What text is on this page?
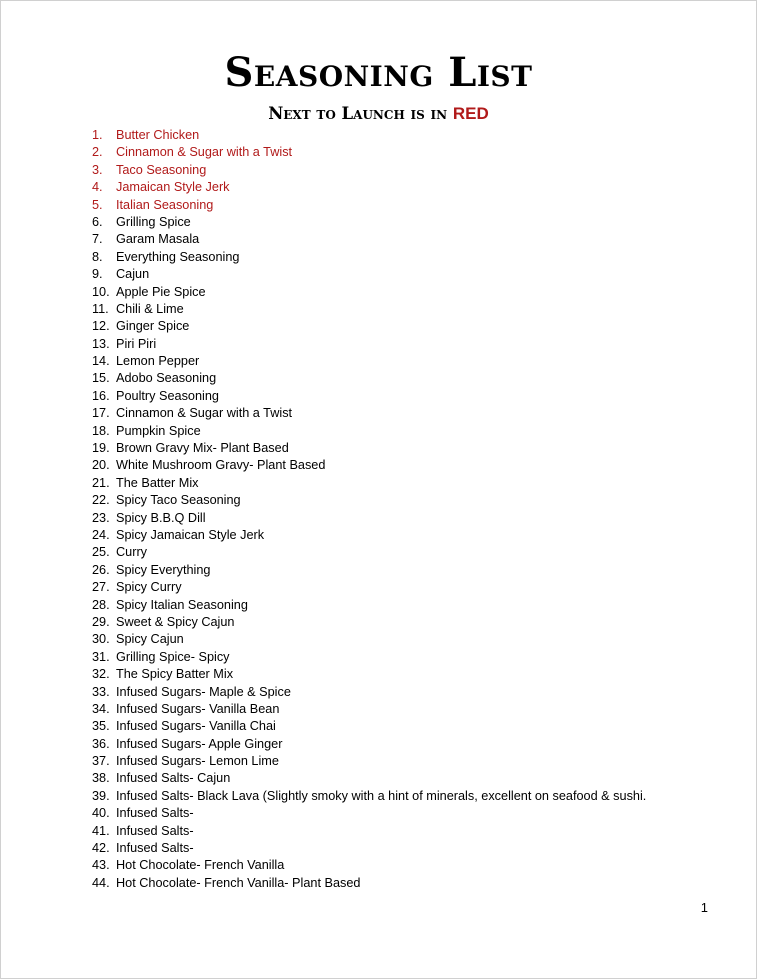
Seasoning List
Next to Launch is in RED
1. Butter Chicken
2. Cinnamon & Sugar with a Twist
3. Taco Seasoning
4. Jamaican Style Jerk
5. Italian Seasoning
6. Grilling Spice
7. Garam Masala
8. Everything Seasoning
9. Cajun
10. Apple Pie Spice
11. Chili & Lime
12. Ginger Spice
13. Piri Piri
14. Lemon Pepper
15. Adobo Seasoning
16. Poultry Seasoning
17. Cinnamon & Sugar with a Twist
18. Pumpkin Spice
19. Brown Gravy Mix- Plant Based
20. White Mushroom Gravy- Plant Based
21. The Batter Mix
22. Spicy Taco Seasoning
23. Spicy B.B.Q Dill
24. Spicy Jamaican Style Jerk
25. Curry
26. Spicy Everything
27. Spicy Curry
28. Spicy Italian Seasoning
29. Sweet & Spicy Cajun
30. Spicy Cajun
31. Grilling Spice- Spicy
32. The Spicy Batter Mix
33. Infused Sugars- Maple & Spice
34. Infused Sugars- Vanilla Bean
35. Infused Sugars- Vanilla Chai
36. Infused Sugars- Apple Ginger
37. Infused Sugars- Lemon Lime
38. Infused Salts- Cajun
39. Infused Salts- Black Lava (Slightly smoky with a hint of minerals, excellent on seafood & sushi.
40. Infused Salts-
41. Infused Salts-
42. Infused Salts-
43. Hot Chocolate- French Vanilla
44. Hot Chocolate- French Vanilla- Plant Based
1
